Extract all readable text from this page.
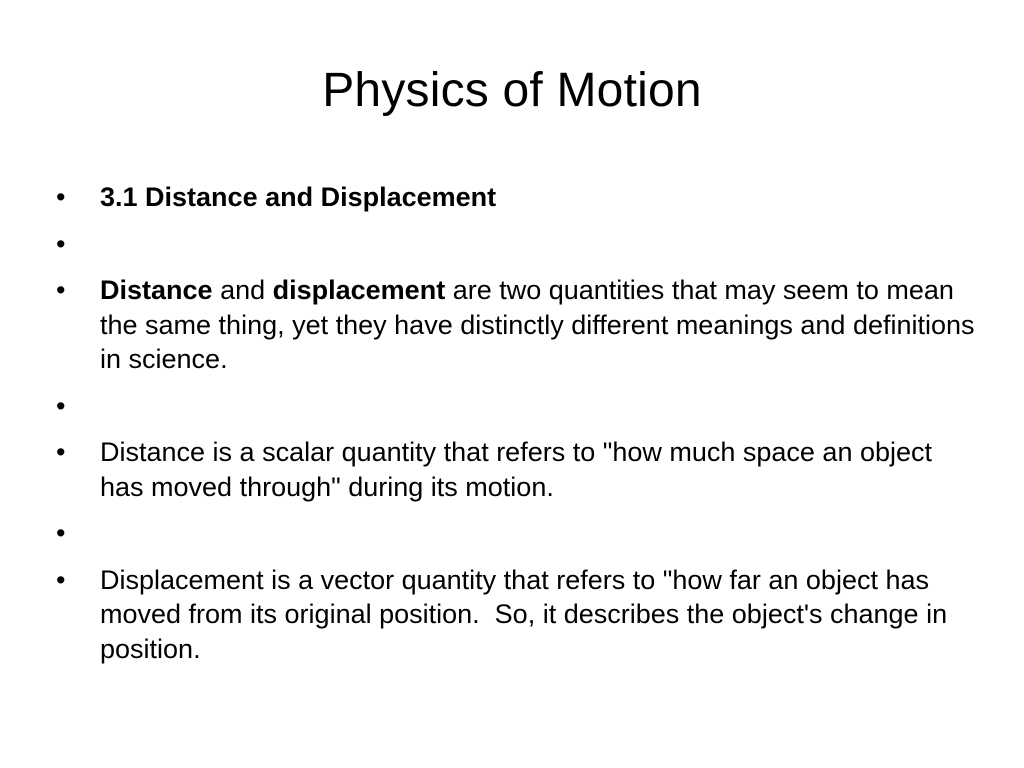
Physics of Motion
•	3.1 Distance and Displacement
•
•	Distance and displacement are two quantities that may seem to mean the same thing, yet they have distinctly different meanings and definitions in science.
•
•	Distance is a scalar quantity that refers to "how much space an object has moved through" during its motion.
•
•	Displacement is a vector quantity that refers to "how far an object has moved from its original position.  So, it describes the object's change in position.
